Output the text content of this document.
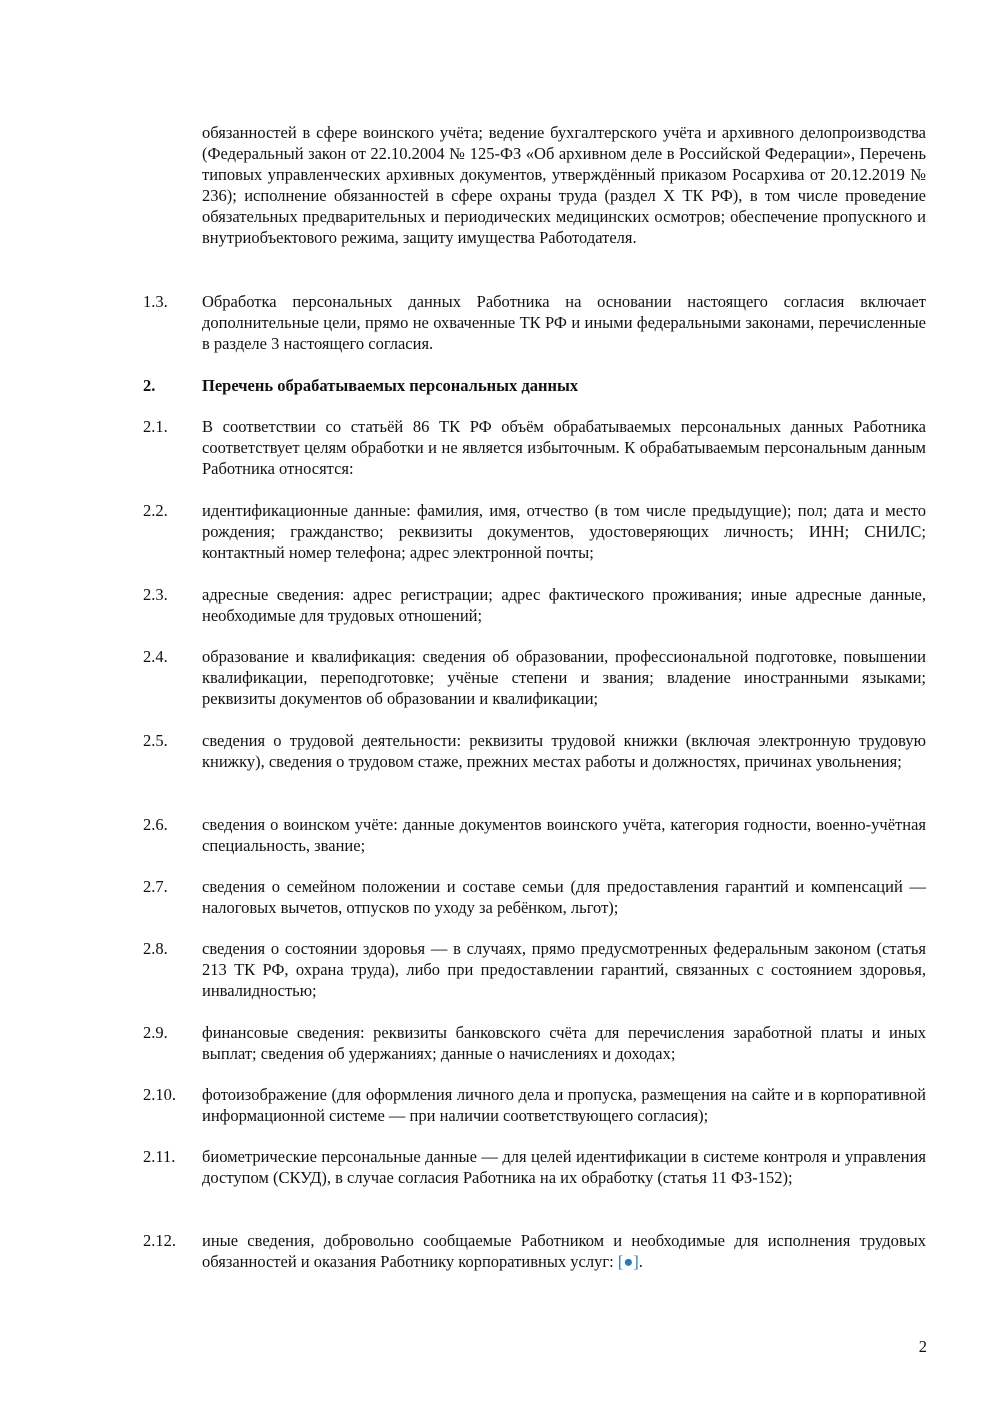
обязанностей в сфере воинского учёта; ведение бухгалтерского учёта и архивного делопроизводства (Федеральный закон от 22.10.2004 № 125-ФЗ «Об архивном деле в Российской Федерации», Перечень типовых управленческих архивных документов, утверждённый приказом Росархива от 20.12.2019 № 236); исполнение обязанностей в сфере охраны труда (раздел X ТК РФ), в том числе проведение обязательных предварительных и периодических медицинских осмотров; обеспечение пропускного и внутриобъектового режима, защиту имущества Работодателя.
1.3. Обработка персональных данных Работника на основании настоящего согласия включает дополнительные цели, прямо не охваченные ТК РФ и иными федеральными законами, перечисленные в разделе 3 настоящего согласия.
2.	Перечень обрабатываемых персональных данных
2.1. В соответствии со статьёй 86 ТК РФ объём обрабатываемых персональных данных Работника соответствует целям обработки и не является избыточным. К обрабатываемым персональным данным Работника относятся:
2.2. идентификационные данные: фамилия, имя, отчество (в том числе предыдущие); пол; дата и место рождения; гражданство; реквизиты документов, удостоверяющих личность; ИНН; СНИЛС; контактный номер телефона; адрес электронной почты;
2.3. адресные сведения: адрес регистрации; адрес фактического проживания; иные адресные данные, необходимые для трудовых отношений;
2.4. образование и квалификация: сведения об образовании, профессиональной подготовке, повышении квалификации, переподготовке; учёные степени и звания; владение иностранными языками; реквизиты документов об образовании и квалификации;
2.5. сведения о трудовой деятельности: реквизиты трудовой книжки (включая электронную трудовую книжку), сведения о трудовом стаже, прежних местах работы и должностях, причинах увольнения;
2.6. сведения о воинском учёте: данные документов воинского учёта, категория годности, военно-учётная специальность, звание;
2.7. сведения о семейном положении и составе семьи (для предоставления гарантий и компенсаций — налоговых вычетов, отпусков по уходу за ребёнком, льгот);
2.8. сведения о состоянии здоровья — в случаях, прямо предусмотренных федеральным законом (статья 213 ТК РФ, охрана труда), либо при предоставлении гарантий, связанных с состоянием здоровья, инвалидностью;
2.9. финансовые сведения: реквизиты банковского счёта для перечисления заработной платы и иных выплат; сведения об удержаниях; данные о начислениях и доходах;
2.10. фотоизображение (для оформления личного дела и пропуска, размещения на сайте и в корпоративной информационной системе — при наличии соответствующего согласия);
2.11. биометрические персональные данные — для целей идентификации в системе контроля и управления доступом (СКУД), в случае согласия Работника на их обработку (статья 11 ФЗ-152);
2.12. иные сведения, добровольно сообщаемые Работником и необходимые для исполнения трудовых обязанностей и оказания Работнику корпоративных услуг: [●].
2
